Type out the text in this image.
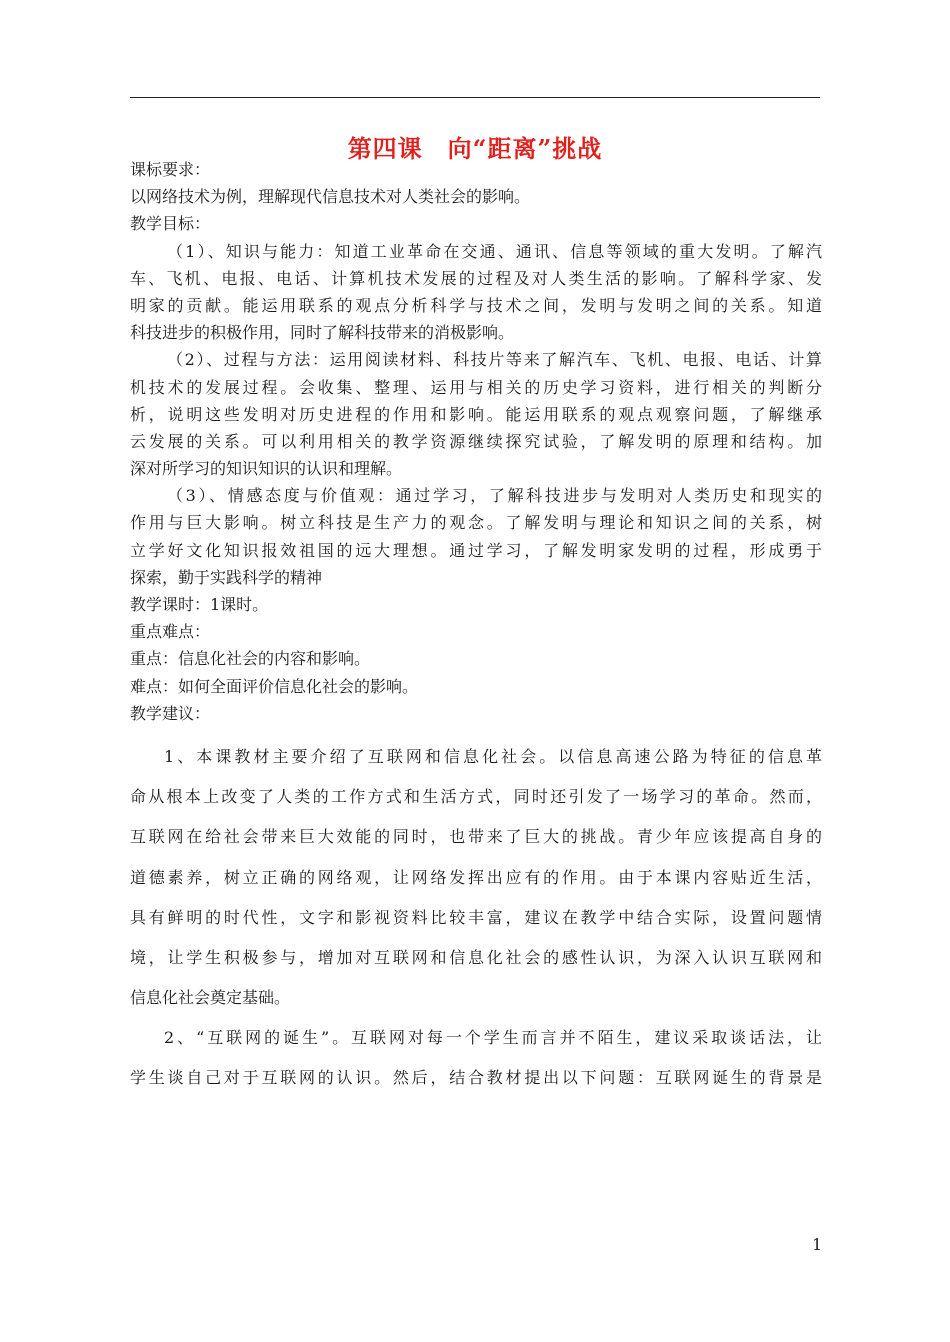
第四课　向“距离”挑战
课标要求：
以网络技术为例，理解现代信息技术对人类社会的影响。
教学目标：
（1）、知识与能力：知道工业革命在交通、通讯、信息等领域的重大发明。了解汽
车、飞机、电报、电话、计算机技术发展的过程及对人类生活的影响。了解科学家、发
明家的贡献。能运用联系的观点分析科学与技术之间，发明与发明之间的关系。知道
科技进步的积极作用，同时了解科技带来的消极影响。
（2）、过程与方法：运用阅读材料、科技片等来了解汽车、飞机、电报、电话、计算
机技术的发展过程。会收集、整理、运用与相关的历史学习资料，进行相关的判断分
析，说明这些发明对历史进程的作用和影响。能运用联系的观点观察问题，了解继承
云发展的关系。可以利用相关的教学资源继续探究试验，了解发明的原理和结构。加
深对所学习的知识知识的认识和理解。
（3）、情感态度与价值观：通过学习，了解科技进步与发明对人类历史和现实的
作用与巨大影响。树立科技是生产力的观念。了解发明与理论和知识之间的关系，树
立学好文化知识报效祖国的远大理想。通过学习，了解发明家发明的过程，形成勇于
探索，勤于实践科学的精神
教学课时：1课时。
重点难点：
重点：信息化社会的内容和影响。
难点：如何全面评价信息化社会的影响。
教学建议：
1、本课教材主要介绍了互联网和信息化社会。以信息高速公路为特征的信息革
命从根本上改变了人类的工作方式和生活方式，同时还引发了一场学习的革命。然而，
互联网在给社会带来巨大效能的同时，也带来了巨大的挑战。青少年应该提高自身的
道德素养，树立正确的网络观，让网络发挥出应有的作用。由于本课内容贴近生活，
具有鲜明的时代性，文字和影视资料比较丰富，建议在教学中结合实际，设置问题情
境，让学生积极参与，增加对互联网和信息化社会的感性认识，为深入认识互联网和
信息化社会奠定基础。
2、“互联网的诞生”。互联网对每一个学生而言并不陌生，建议采取谈话法，让
学生谈自己对于互联网的认识。然后，结合教材提出以下问题：互联网诞生的背景是
1
